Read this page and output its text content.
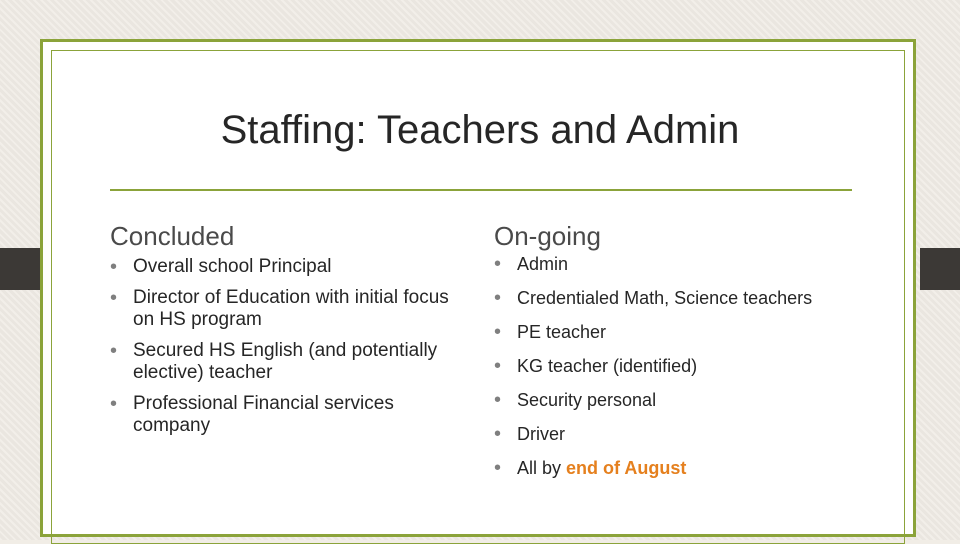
Staffing: Teachers and Admin
Concluded	On-going
• Overall school Principal
• Director of Education with initial focus on HS program
• Secured HS English (and potentially elective) teacher
• Professional Financial services company
• Admin
• Credentialed Math, Science teachers
• PE teacher
• KG teacher (identified)
• Security personal
• Driver
• All by end of August
